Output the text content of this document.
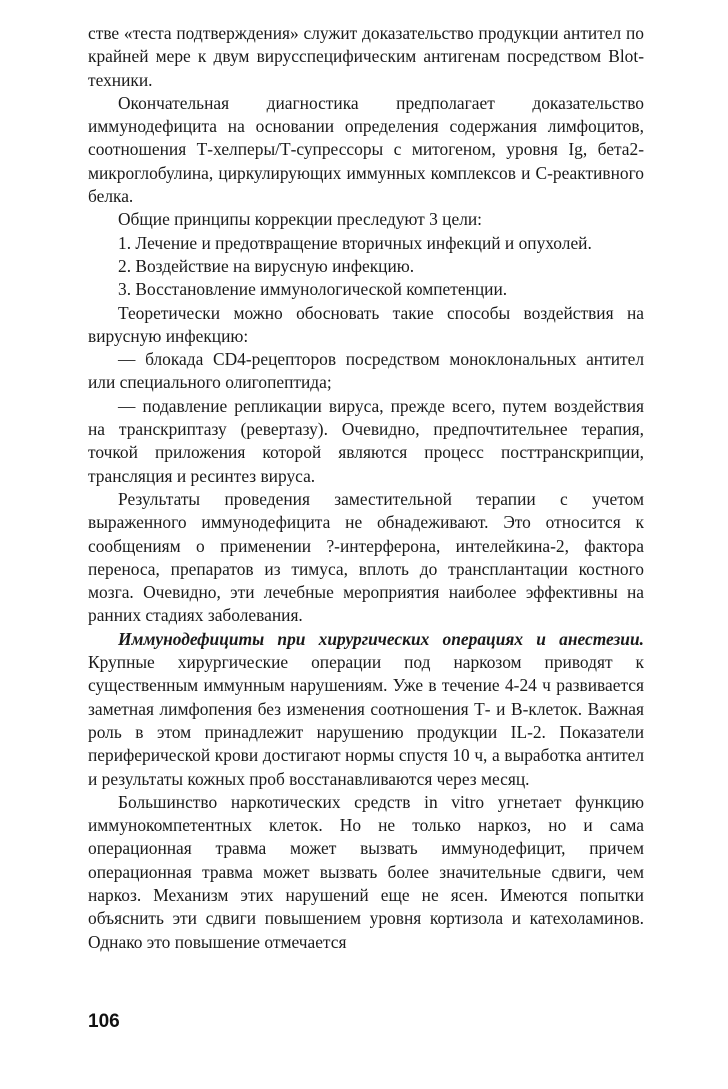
стве «теста подтверждения» служит доказательство продукции антител по крайней мере к двум вирусспецифическим антигенам посредством Blot-техники.

Окончательная диагностика предполагает доказательство иммунодефицита на основании определения содержания лимфоцитов, соотношения Т-хелперы/Т-супрессоры с митогеном, уровня Ig, бета2-микроглобулина, циркулирующих иммунных комплексов и С-реактивного белка.

Общие принципы коррекции преследуют 3 цели:

1. Лечение и предотвращение вторичных инфекций и опухолей.

2. Воздействие на вирусную инфекцию.

3. Восстановление иммунологической компетенции.

Теоретически можно обосновать такие способы воздействия на вирусную инфекцию:

— блокада CD4-рецепторов посредством моноклональных антител или специального олигопептида;

— подавление репликации вируса, прежде всего, путем воздействия на транскриптазу (ревертазу). Очевидно, предпочтительнее терапия, точкой приложения которой являются процесс посттранскрипции, трансляция и ресинтез вируса.

Результаты проведения заместительной терапии с учетом выраженного иммунодефицита не обнадеживают. Это относится к сообщениям о применении ?-интерферона, интелейкина-2, фактора переноса, препаратов из тимуса, вплоть до трансплантации костного мозга. Очевидно, эти лечебные мероприятия наиболее эффективны на ранних стадиях заболевания.

Иммунодефициты при хирургических операциях и анестезии. Крупные хирургические операции под наркозом приводят к существенным иммунным нарушениям. Уже в течение 4-24 ч развивается заметная лимфопения без изменения соотношения Т- и В-клеток. Важная роль в этом принадлежит нарушению продукции IL-2. Показатели периферической крови достигают нормы спустя 10 ч, а выработка антител и результаты кожных проб восстанавливаются через месяц.

Большинство наркотических средств in vitro угнетает функцию иммунокомпетентных клеток. Но не только наркоз, но и сама операционная травма может вызвать иммунодефицит, причем операционная травма может вызвать более значительные сдвиги, чем наркоз. Механизм этих нарушений еще не ясен. Имеются попытки объяснить эти сдвиги повышением уровня кортизола и катехоламинов. Однако это повышение отмечается

106
